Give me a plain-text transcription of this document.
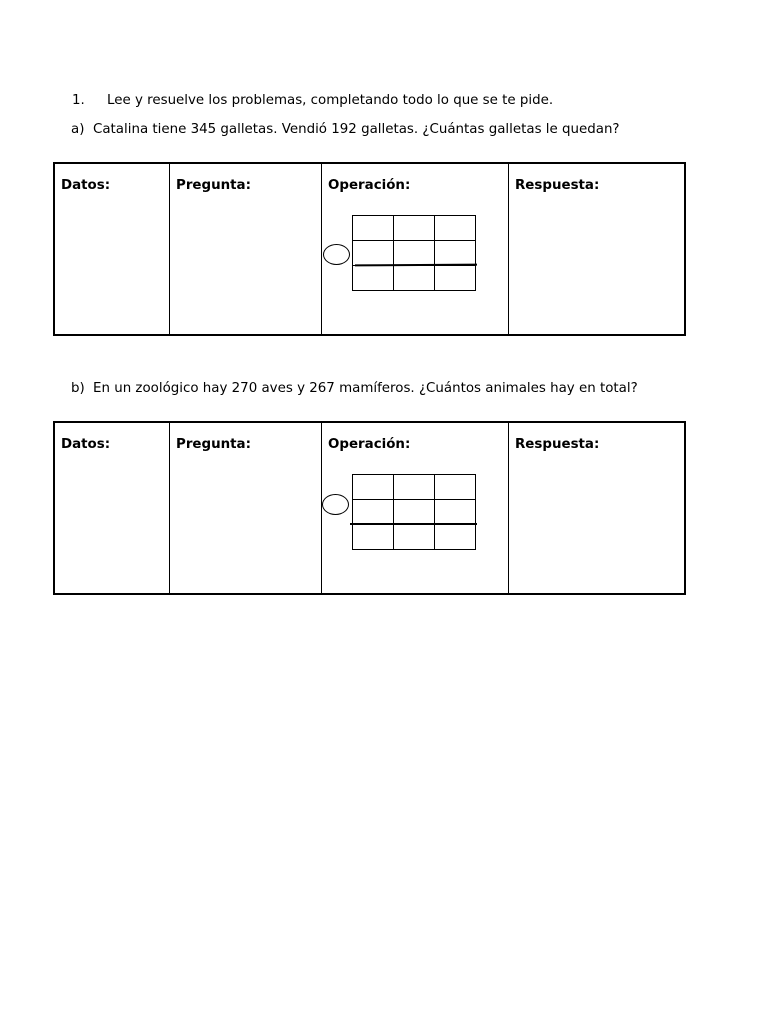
1. Lee y resuelve los problemas, completando todo lo que se te pide.
a) Catalina tiene 345 galletas. Vendió 192 galletas. ¿Cuántas galletas le quedan?
Datos:	Pregunta:	Operación:	Respuesta:
b) En un zoológico hay 270 aves y 267 mamíferos. ¿Cuántos animales hay en total?
Datos:	Pregunta:	Operación:	Respuesta:
